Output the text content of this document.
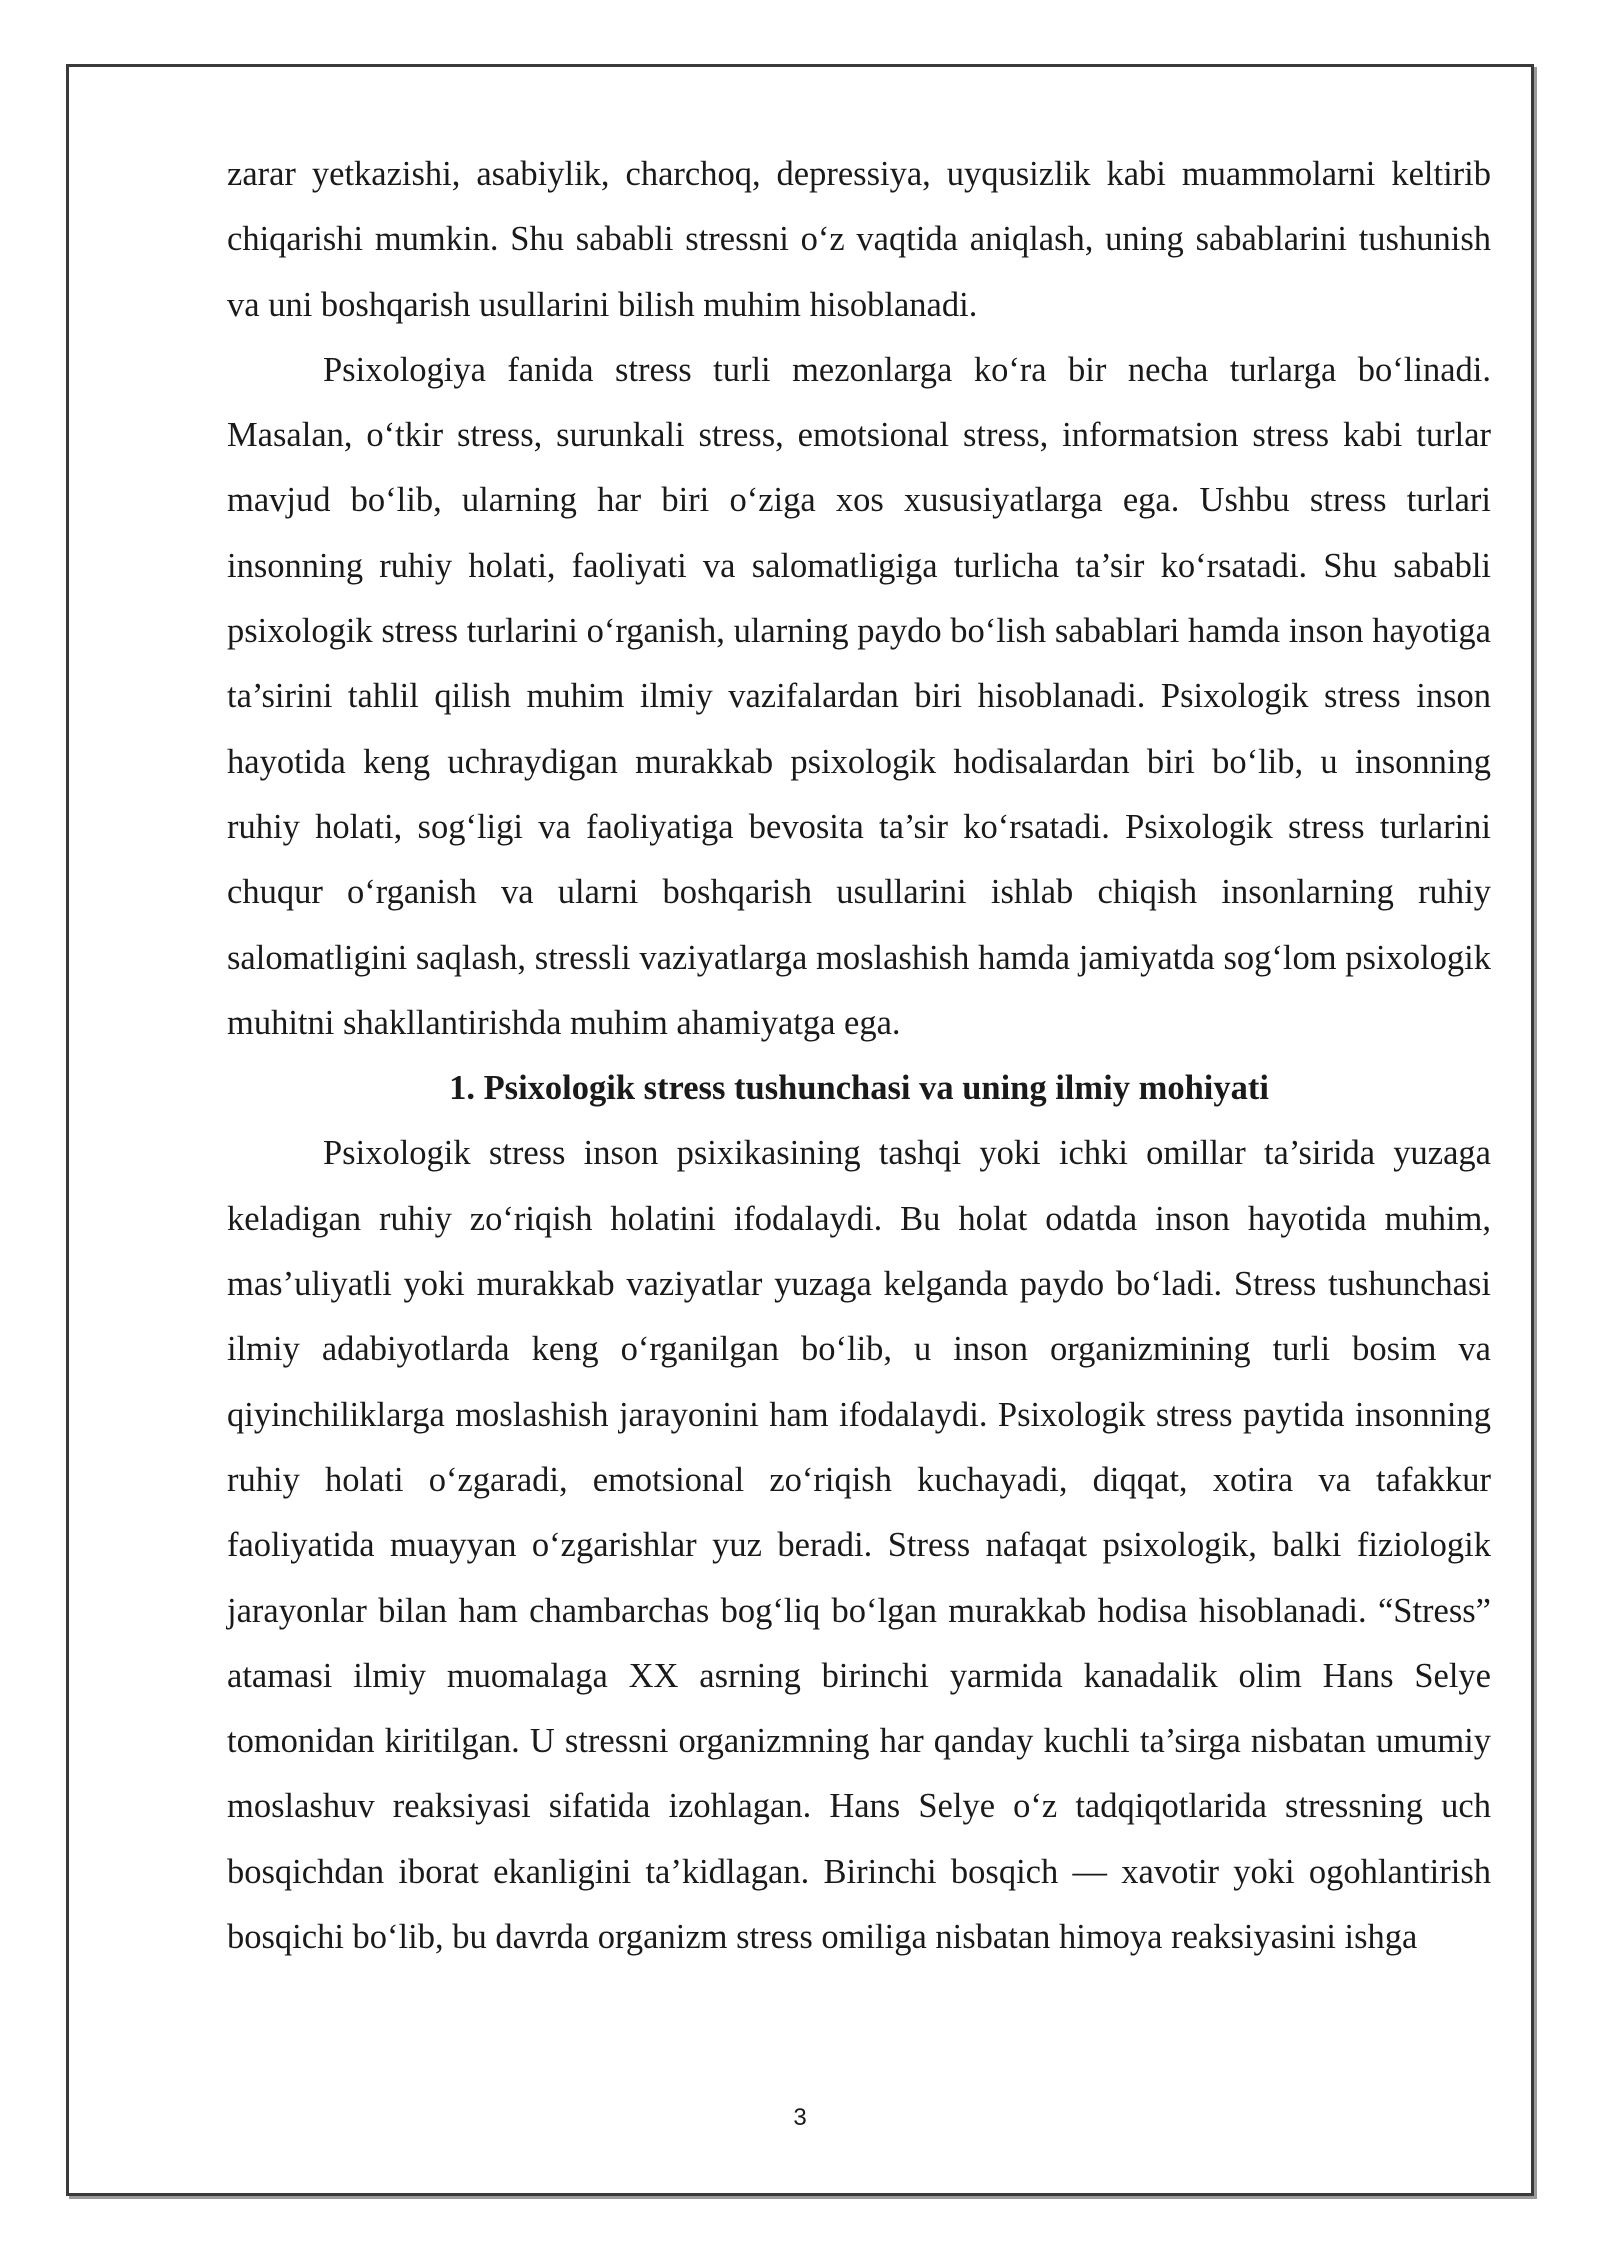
zarar yetkazishi, asabiylik, charchoq, depressiya, uyqusizlik kabi muammolarni keltirib chiqarishi mumkin. Shu sababli stressni o‘z vaqtida aniqlash, uning sabablarini tushunish va uni boshqarish usullarini bilish muhim hisoblanadi.

Psixologiya fanida stress turli mezonlarga ko‘ra bir necha turlarga bo‘linadi. Masalan, o‘tkir stress, surunkali stress, emotsional stress, informatsion stress kabi turlar mavjud bo‘lib, ularning har biri o‘ziga xos xususiyatlarga ega. Ushbu stress turlari insonning ruhiy holati, faoliyati va salomatligiga turlicha ta’sir ko‘rsatadi. Shu sababli psixologik stress turlarini o‘rganish, ularning paydo bo‘lish sabablari hamda inson hayotiga ta’sirini tahlil qilish muhim ilmiy vazifalardan biri hisoblanadi. Psixologik stress inson hayotida keng uchraydigan murakkab psixologik hodisalardan biri bo‘lib, u insonning ruhiy holati, sog‘ligi va faoliyatiga bevosita ta’sir ko‘rsatadi. Psixologik stress turlarini chuqur o‘rganish va ularni boshqarish usullarini ishlab chiqish insonlarning ruhiy salomatligini saqlash, stressli vaziyatlarga moslashish hamda jamiyatda sog‘lom psixologik muhitni shakllantirishda muhim ahamiyatga ega.

1. Psixologik stress tushunchasi va uning ilmiy mohiyati

Psixologik stress inson psixikasining tashqi yoki ichki omillar ta’sirida yuzaga keladigan ruhiy zo‘riqish holatini ifodalaydi. Bu holat odatda inson hayotida muhim, mas’uliyatli yoki murakkab vaziyatlar yuzaga kelganda paydo bo‘ladi. Stress tushunchasi ilmiy adabiyotlarda keng o‘rganilgan bo‘lib, u inson organizmining turli bosim va qiyinchiliklarga moslashish jarayonini ham ifodalaydi. Psixologik stress paytida insonning ruhiy holati o‘zgaradi, emotsional zo‘riqish kuchayadi, diqqat, xotira va tafakkur faoliyatida muayyan o‘zgarishlar yuz beradi. Stress nafaqat psixologik, balki fiziologik jarayonlar bilan ham chambarchas bog‘liq bo‘lgan murakkab hodisa hisoblanadi. “Stress” atamasi ilmiy muomalaga XX asrning birinchi yarmida kanadalik olim Hans Selye tomonidan kiritilgan. U stressni organizmning har qanday kuchli ta’sirga nisbatan umumiy moslashuv reaksiyasi sifatida izohlagan. Hans Selye o‘z tadqiqotlarida stressning uch bosqichdan iborat ekanligini ta’kidlagan. Birinchi bosqich — xavotir yoki ogohlantirish bosqichi bo‘lib, bu davrda organizm stress omiliga nisbatan himoya reaksiyasini ishga

3
